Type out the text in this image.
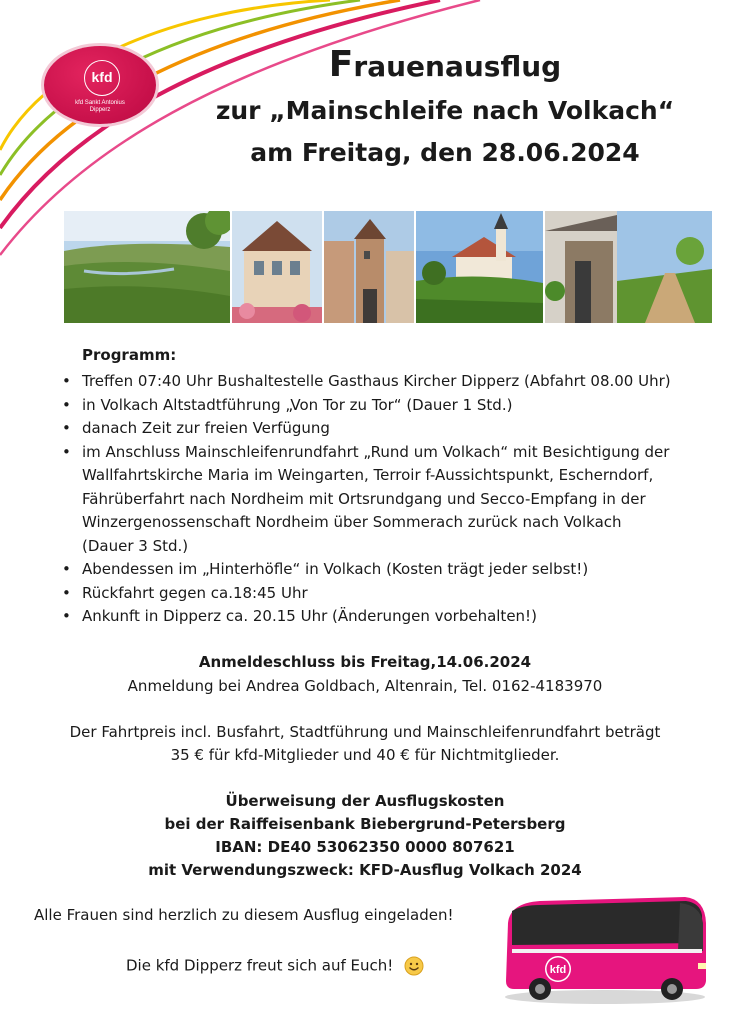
kfd
kfd Sankt Antonius
Dipperz
Frauenausflug
zur „Mainschleife nach Volkach“
am Freitag, den 28.06.2024
Programm:
• Treffen 07:40 Uhr Bushaltestelle Gasthaus Kircher Dipperz (Abfahrt 08.00 Uhr)
• in Volkach Altstadtführung „Von Tor zu Tor“ (Dauer 1 Std.)
• danach Zeit zur freien Verfügung
• im Anschluss Mainschleifenrundfahrt „Rund um Volkach“ mit Besichtigung der
Wallfahrtskirche Maria im Weingarten, Terroir f-Aussichtspunkt, Escherndorf,
Fährüberfahrt nach Nordheim mit Ortsrundgang und Secco-Empfang in der
Winzergenossenschaft Nordheim über Sommerach zurück nach Volkach
(Dauer 3 Std.)
• Abendessen im „Hinterhöfle“ in Volkach (Kosten trägt jeder selbst!)
• Rückfahrt gegen ca.18:45 Uhr
• Ankunft in Dipperz ca. 20.15 Uhr (Änderungen vorbehalten!)
Anmeldeschluss bis Freitag,14.06.2024
Anmeldung bei Andrea Goldbach, Altenrain, Tel. 0162-4183970
Der Fahrtpreis incl. Busfahrt, Stadtführung und Mainschleifenrundfahrt beträgt
35 € für kfd-Mitglieder und 40 € für Nichtmitglieder.
Überweisung der Ausflugskosten
bei der Raiffeisenbank Biebergrund-Petersberg
IBAN: DE40 53062350 0000 807621
mit Verwendungszweck: KFD-Ausflug Volkach 2024
Alle Frauen sind herzlich zu diesem Ausflug eingeladen!
Die kfd Dipperz freut sich auf Euch!	kfd
